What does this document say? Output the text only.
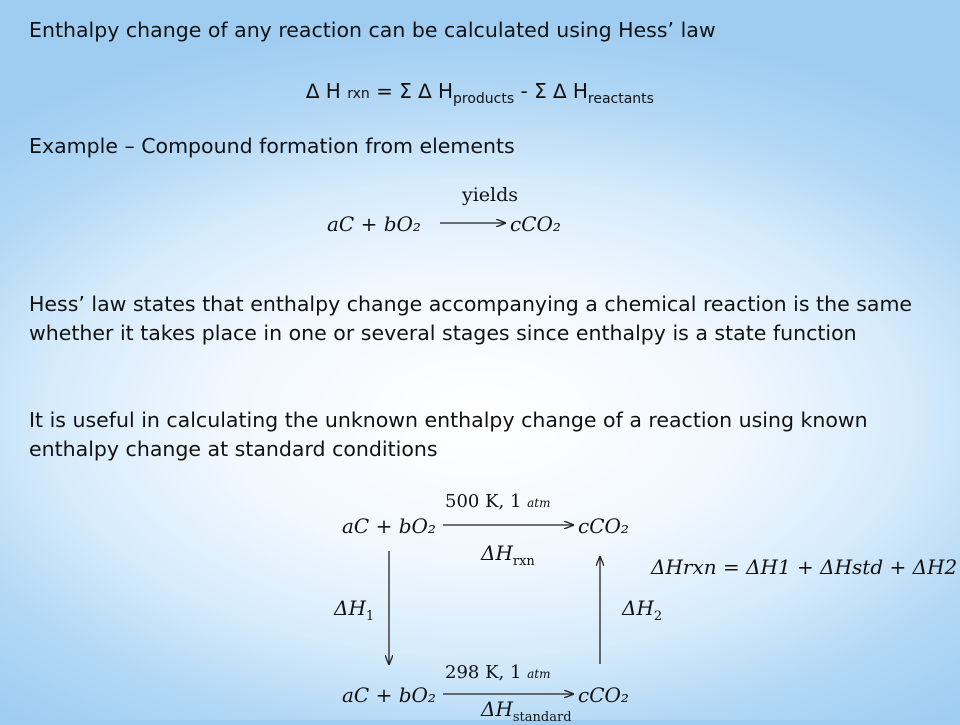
Enthalpy change of any reaction can be calculated using Hess’ law
∆ H rxn = Σ ∆ $H_{products}$ - Σ ∆ $H_{reactants}$
Example – Compound formation from elements
yields
aC + bO₂	cCO₂
Hess’ law states that enthalpy change accompanying a chemical reaction is the same whether it takes place in one or several stages since enthalpy is a state function
It is useful in calculating the unknown enthalpy change of a reaction using known enthalpy change at standard conditions
500 K, 1 atm
aC + bO₂	cCO₂
$\Delta H_{rxn}$	ΔHrxn = ΔH1 + ΔHstd + ΔH2
$\Delta H_1$	$\Delta H_2$
298 K, 1 atm
aC + bO₂	cCO₂
$\Delta H_{standard}$
